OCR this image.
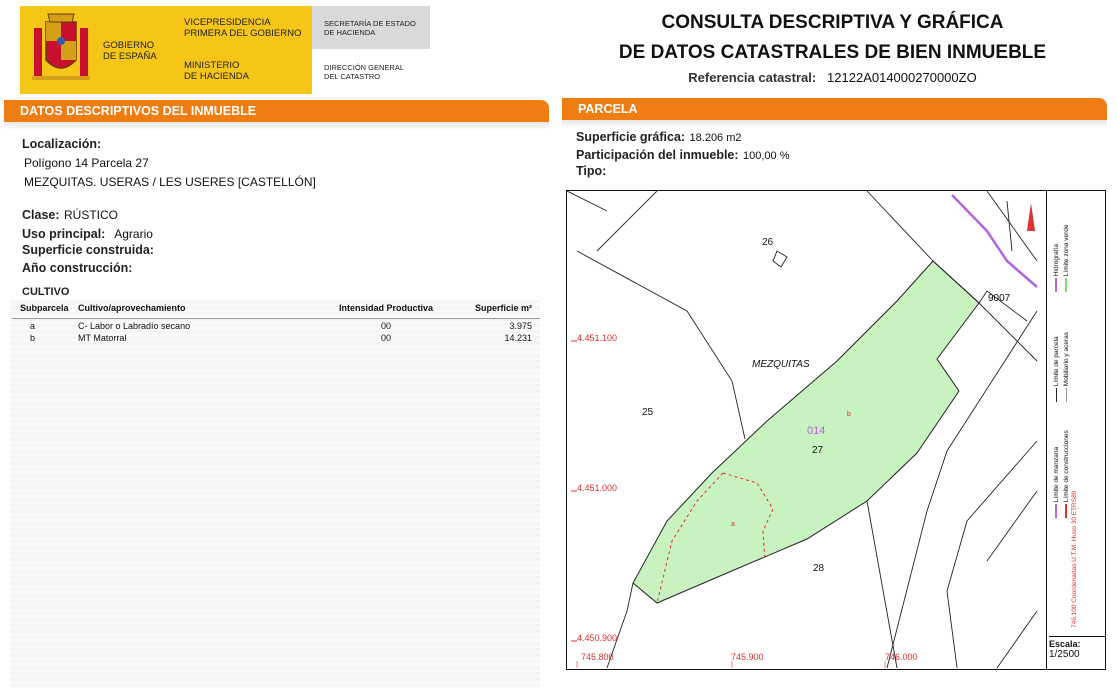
GOBIERNO
DE ESPAÑA
VICEPRESIDENCIA
PRIMERA DEL GOBIERNO
MINISTERIO
DE HACIENDA
SECRETARÍA DE ESTADO
DE HACIENDA
DIRECCIÓN GENERAL
DEL CATASTRO
CONSULTA DESCRIPTIVA Y GRÁFICA
DE DATOS CATASTRALES DE BIEN INMUEBLE
Referencia catastral: 12122A014000270000ZO
DATOS DESCRIPTIVOS DEL INMUEBLE
Localización:
Polígono 14 Parcela 27
MEZQUITAS. USERAS / LES USERES [CASTELLÓN]
Clase: RÚSTICO
Uso principal: Agrario
Superficie construida:
Año construcción:
CULTIVO
Subparcela	Cultivo/aprovechamiento	Intensidad Productiva	Superficie m²

a	C- Labor o Labradío secano	00	3.975
b	MT Matorral	00	14.231
PARCELA
Superficie gráfica: 18.206 m2
Participación del inmueble: 100,00 %
Tipo:
26
25
27
28
9007
MEZQUITAS
014
b
a
4.451.100
4.451.000
4.450.900
745.800	745.900	746.000
Hidrografía Límite zona verde
Límite de parcela Mobiliario y aceras
Límite de manzana Límite de construcciones
746.100 Coordenadas U.T.M. Huso 30 ETRS89
Escala:
1/2500
